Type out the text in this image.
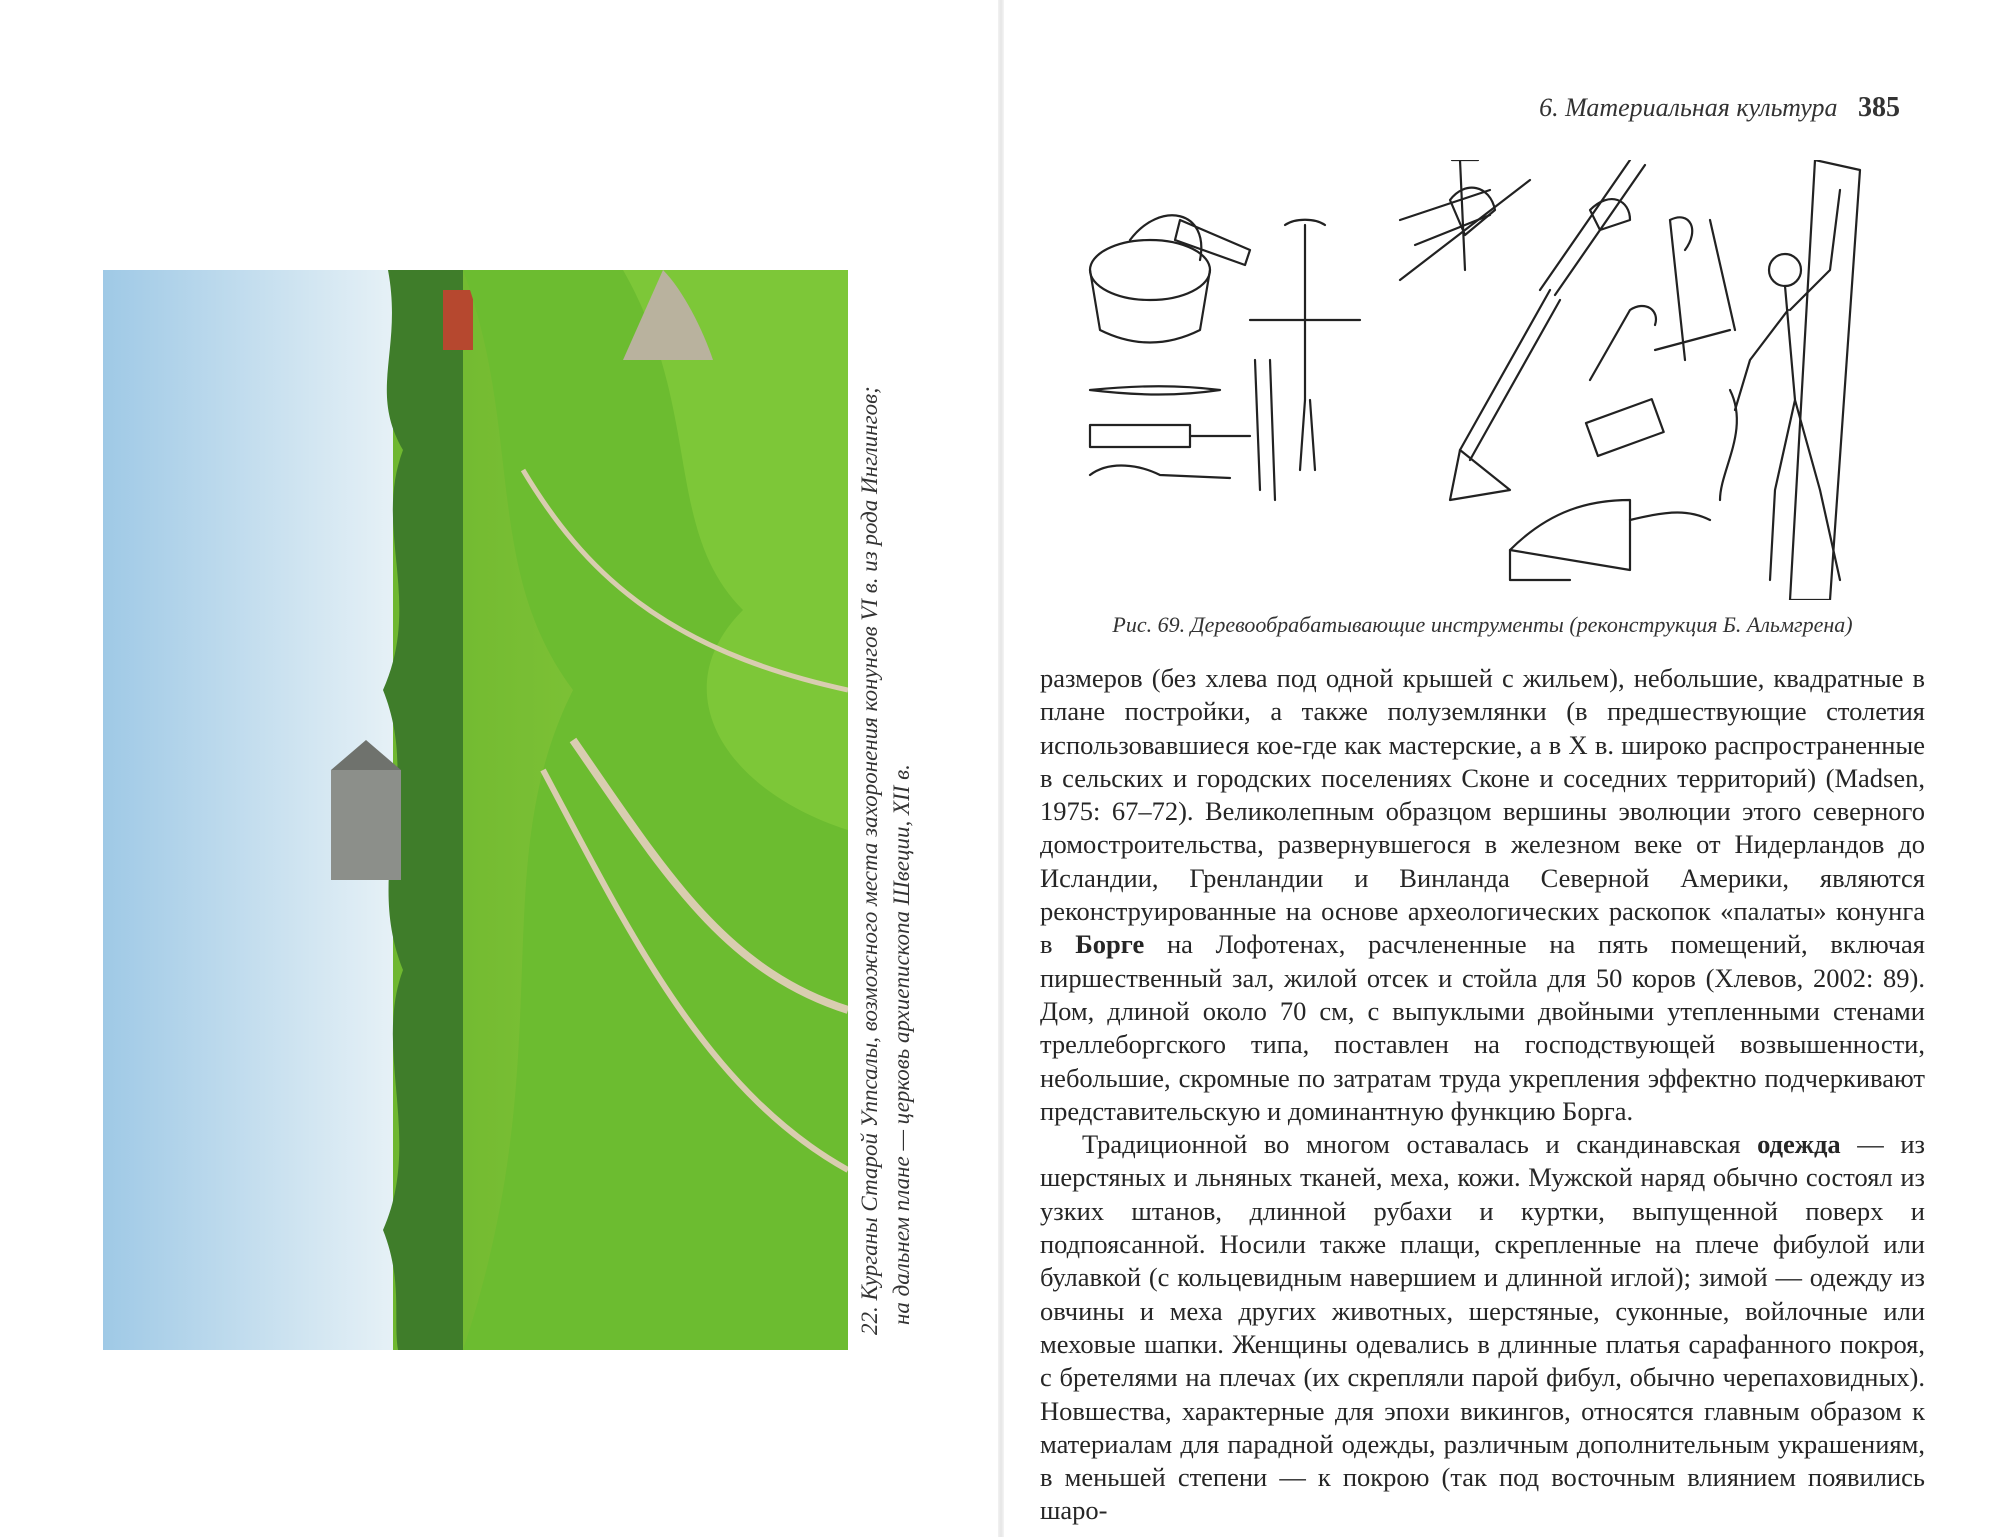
22. Курганы Старой Уппсалы, возможного места захоронения конунгов VI в. из рода Инглингов; на дальнем плане — церковь архиепископа Швеции, XII в.
6. Материальная культура 385
Рис. 69. Деревообрабатывающие инструменты (реконструкция Б. Альмгрена)

размеров (без хлева под одной крышей с жильем), небольшие, квадратные в плане постройки, а также полуземлянки (в предшествующие столетия использовавшиеся кое-где как мастерские, а в X в. широко распространенные в сельских и городских поселениях Сконе и соседних территорий) (Madsen, 1975: 67–72). Великолепным образцом вершины эволюции этого северного домостроительства, развернувшегося в железном веке от Нидерландов до Исландии, Гренландии и Винланда Северной Америки, являются реконструированные на основе археологических раскопок «палаты» конунга в Борге на Лофотенах, расчлененные на пять помещений, включая пиршественный зал, жилой отсек и стойла для 50 коров (Хлевов, 2002: 89). Дом, длиной около 70 см, с выпуклыми двойными утепленными стенами треллеборгского типа, поставлен на господствующей возвышенности, небольшие, скромные по затратам труда укрепления эффектно подчеркивают представительскую и доминантную функцию Борга.

Традиционной во многом оставалась и скандинавская одежда — из шерстяных и льняных тканей, меха, кожи. Мужской наряд обычно состоял из узких штанов, длинной рубахи и куртки, выпущенной поверх и подпоясанной. Носили также плащи, скрепленные на плече фибулой или булавкой (с кольцевидным навершием и длинной иглой); зимой — одежду из овчины и меха других животных, шерстяные, суконные, войлочные или меховые шапки. Женщины одевались в длинные платья сарафанного покроя, с бретелями на плечах (их скрепляли парой фибул, обычно черепаховидных). Новшества, характерные для эпохи викингов, относятся главным образом к материалам для парадной одежды, различным дополнительным украшениям, в меньшей степени — к покрою (так под восточным влиянием появились шаро-
